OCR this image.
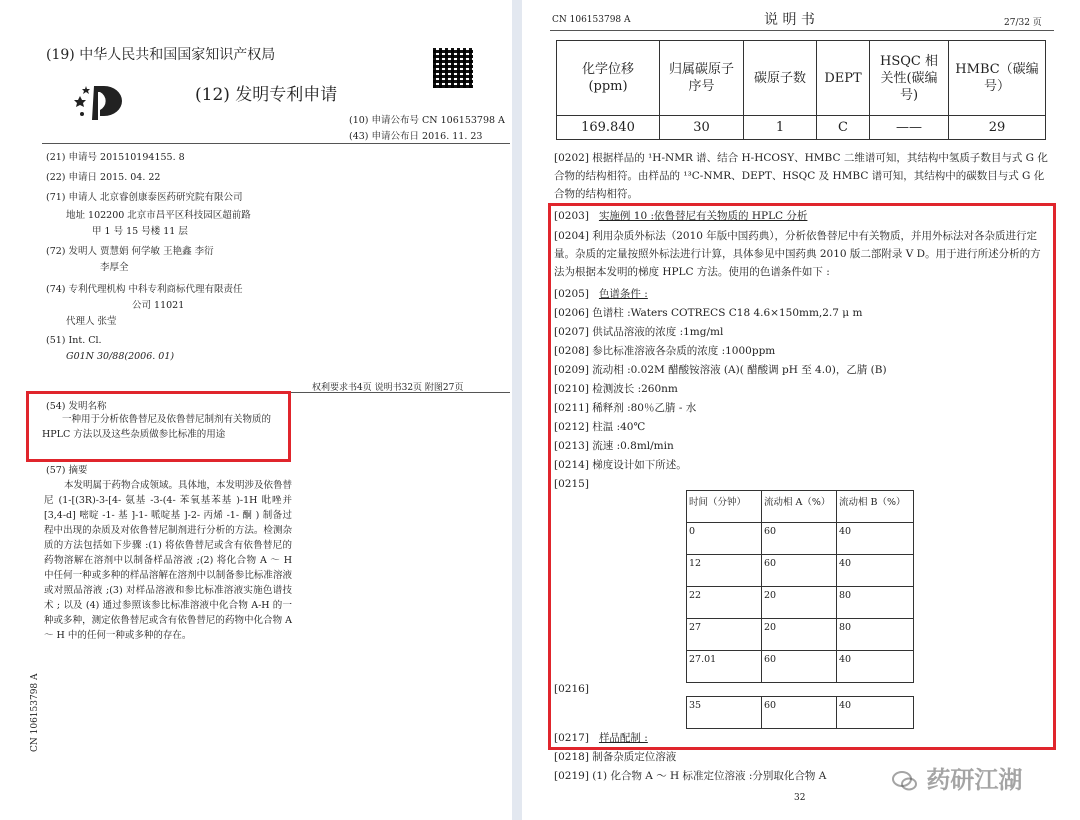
(19) 中华人民共和国国家知识产权局
(12) 发明专利申请
(10) 申请公布号 CN 106153798 A
(43) 申请公布日 2016. 11. 23
(21) 申请号 201510194155. 8
(22) 申请日 2015. 04. 22
(71) 申请人 北京睿创康泰医药研究院有限公司
地址 102200 北京市昌平区科技园区超前路
甲 1 号 15 号楼 11 层
(72) 发明人 贾慧娟 何学敏 王艳鑫 李衍
李厚全
(74) 专利代理机构 中科专利商标代理有限责任
公司 11021
代理人 张莹
(51) Int. Cl.
G01N 30/88(2006. 01)
权利要求书4页 说明书32页 附图27页
(54) 发明名称
一种用于分析依鲁替尼及依鲁替尼制剂有关物质的 HPLC 方法以及这些杂质做参比标准的用途
(57) 摘要
本发明属于药物合成领域。具体地，本发明涉及依鲁替尼 (1-[(3R)-3-[4- 氨基 -3-(4- 苯氧基苯基 )-1H 吡唑并 [3,4-d] 嘧啶 -1- 基 ]-1- 哌啶基 ]-2- 丙烯 -1- 酮 ) 制备过程中出现的杂质及对依鲁替尼制剂进行分析的方法。检测杂质的方法包括如下步骤 :(1) 将依鲁替尼或含有依鲁替尼的药物溶解在溶剂中以制备样品溶液 ;(2) 将化合物 A ～ H 中任何一种或多种的样品溶解在溶剂中以制备参比标准溶液或对照品溶液 ;(3) 对样品溶液和参比标准溶液实施色谱技术 ; 以及 (4) 通过参照该参比标准溶液中化合物 A-H 的一种或多种，测定依鲁替尼或含有依鲁替尼的药物中化合物 A ～ H 中的任何一种或多种的存在。
CN 106153798 A
CN 106153798 A	说 明 书	27/32 页
化学位移 (ppm)	归属碳原子序号	碳原子数	DEPT	HSQC 相关性(碳编号)	HMBC（碳编号）
169.840	30	1	C	——	29
[0202] 根据样品的 ¹H-NMR 谱、结合 H-HCOSY、HMBC 二维谱可知，其结构中氢质子数目与式 G 化合物的结构相符。由样品的 ¹³C-NMR、DEPT、HSQC 及 HMBC 谱可知，其结构中的碳数目与式 G 化合物的结构相符。
[0203] 实施例 10 :依鲁替尼有关物质的 HPLC 分析
[0204] 利用杂质外标法（2010 年版中国药典），分析依鲁替尼中有关物质，并用外标法对各杂质进行定量。杂质的定量按照外标法进行计算，具体参见中国药典 2010 版二部附录 V D。用于进行所述分析的方法为根据本发明的梯度 HPLC 方法。使用的色谱条件如下 :
[0205] 色谱条件 :
[0206] 色谱柱 :Waters COTRECS C18 4.6×150mm,2.7 μ m
[0207] 供试品溶液的浓度 :1mg/ml
[0208] 参比标准溶液各杂质的浓度 :1000ppm
[0209] 流动相 :0.02M 醋酸铵溶液 (A)( 醋酸调 pH 至 4.0)，乙腈 (B)
[0210] 检测波长 :260nm
[0211] 稀释剂 :80％乙腈 - 水
[0212] 柱温 :40℃
[0213] 流速 :0.8ml/min
[0214] 梯度设计如下所述。
[0215]
时间（分钟）	流动相 A（%）	流动相 B（%）
0	60	40
12	60	40
22	20	80
27	20	80
27.01	60	40
[0216]
35	60	40
[0217] 样品配制 :
[0218] 制备杂质定位溶液
[0219] (1) 化合物 A ～ H 标准定位溶液 :分别取化合物 A
32
药研江湖
